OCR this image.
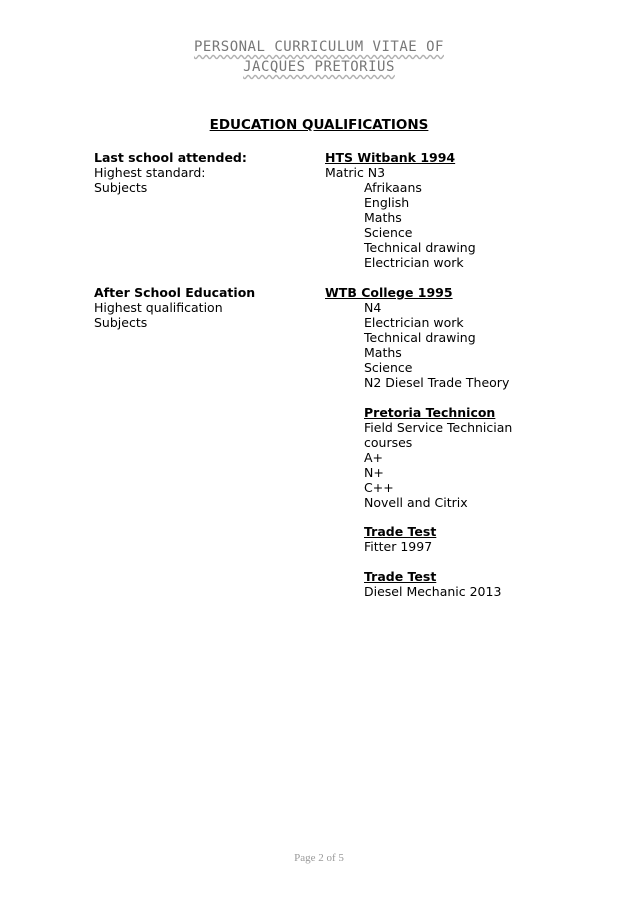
PERSONAL CURRICULUM VITAE OF
JACQUES PRETORIUS
EDUCATION QUALIFICATIONS
Last school attended:	HTS Witbank 1994
Highest standard:	Matric N3
Subjects	Afrikaans
English
Maths
Science
Technical drawing
Electrician work
After School Education	WTB College 1995
Highest qualification	N4
Subjects	Electrician work
Technical drawing
Maths
Science
N2 Diesel Trade Theory
Pretoria Technicon
Field Service Technician
courses
A+
N+
C++
Novell and Citrix
Trade Test
Fitter 1997
Trade Test
Diesel Mechanic 2013
Page 2 of 5
